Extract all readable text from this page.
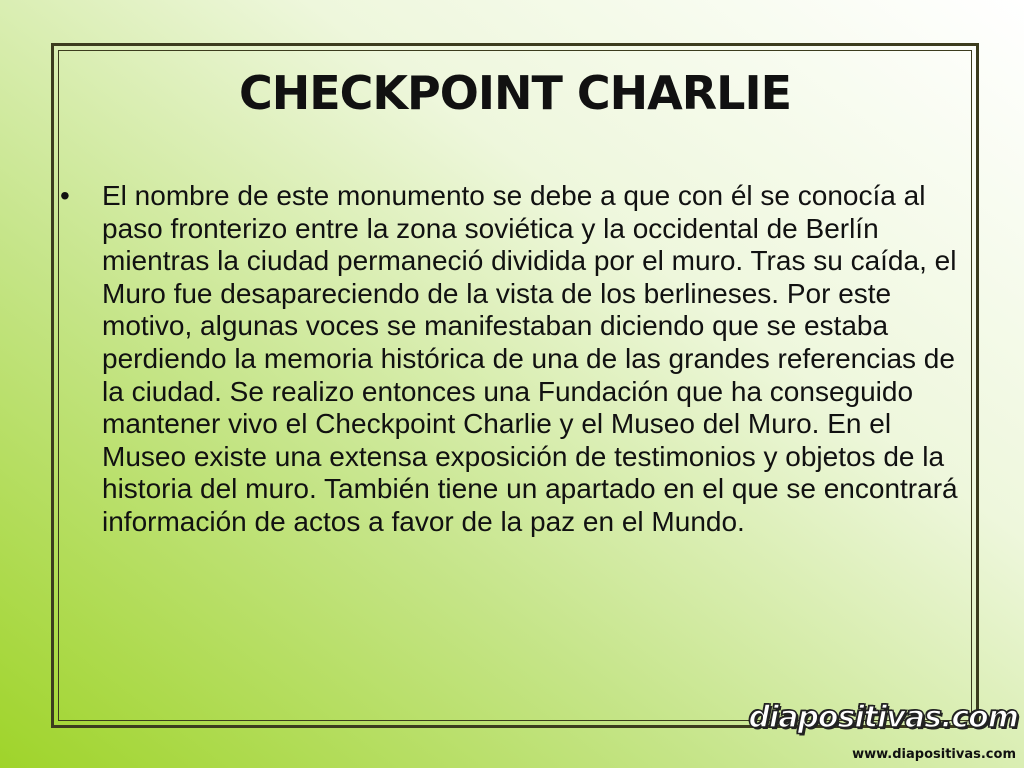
CHECKPOINT CHARLIE
•	El nombre de este monumento se debe a que con él se conocía al paso fronterizo entre la zona soviética y la occidental de Berlín mientras la ciudad permaneció dividida por el muro. Tras su caída, el Muro fue desapareciendo de la vista de los berlineses. Por este motivo, algunas voces se manifestaban diciendo que se estaba perdiendo la memoria histórica de una de las grandes referencias de la ciudad. Se realizo entonces una Fundación que ha conseguido mantener vivo el Checkpoint Charlie y el Museo del Muro. En el Museo existe una extensa exposición de testimonios y objetos de la historia del muro. También tiene un apartado en el que se encontrará información de actos a favor de la paz en el Mundo.

diapositivas.com
www.diapositivas.com
